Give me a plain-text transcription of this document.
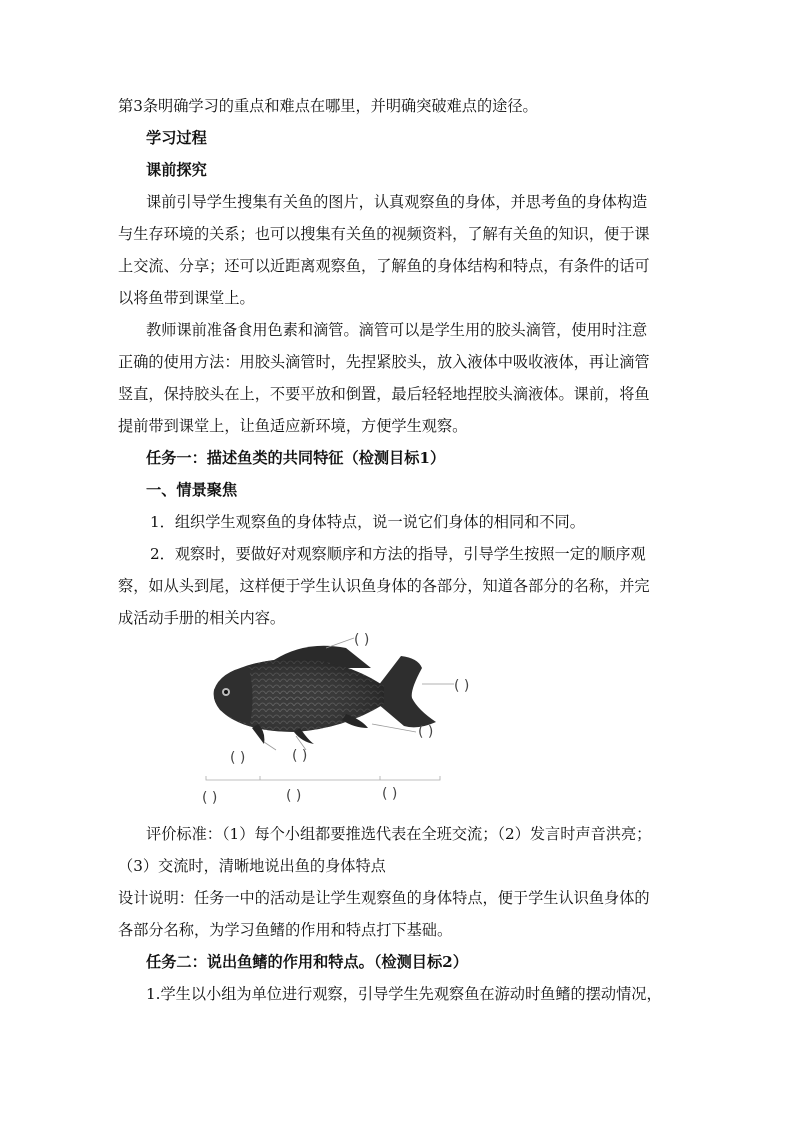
第3条明确学习的重点和难点在哪里，并明确突破难点的途径。
学习过程
课前探究
课前引导学生搜集有关鱼的图片，认真观察鱼的身体，并思考鱼的身体构造
与生存环境的关系；也可以搜集有关鱼的视频资料，了解有关鱼的知识，便于课
上交流、分享；还可以近距离观察鱼，了解鱼的身体结构和特点，有条件的话可
以将鱼带到课堂上。
教师课前准备食用色素和滴管。滴管可以是学生用的胶头滴管，使用时注意
正确的使用方法：用胶头滴管时，先捏紧胶头，放入液体中吸收液体，再让滴管
竖直，保持胶头在上，不要平放和倒置，最后轻轻地捏胶头滴液体。课前，将鱼
提前带到课堂上，让鱼适应新环境，方便学生观察。
任务一：描述鱼类的共同特征（检测目标1）
一、情景聚焦
1．组织学生观察鱼的身体特点，说一说它们身体的相同和不同。
2．观察时，要做好对观察顺序和方法的指导，引导学生按照一定的顺序观
察，如从头到尾，这样便于学生认识鱼身体的各部分，知道各部分的名称，并完
成活动手册的相关内容。
( )
( )
( )
( )	( )
( )	( )	( )
评价标准：（1）每个小组都要推选代表在全班交流；（2）发言时声音洪亮；
（3）交流时，清晰地说出鱼的身体特点
设计说明：任务一中的活动是让学生观察鱼的身体特点，便于学生认识鱼身体的
各部分名称，为学习鱼鳍的作用和特点打下基础。
任务二：说出鱼鳍的作用和特点。（检测目标2）
1.学生以小组为单位进行观察，引导学生先观察鱼在游动时鱼鳍的摆动情况，
